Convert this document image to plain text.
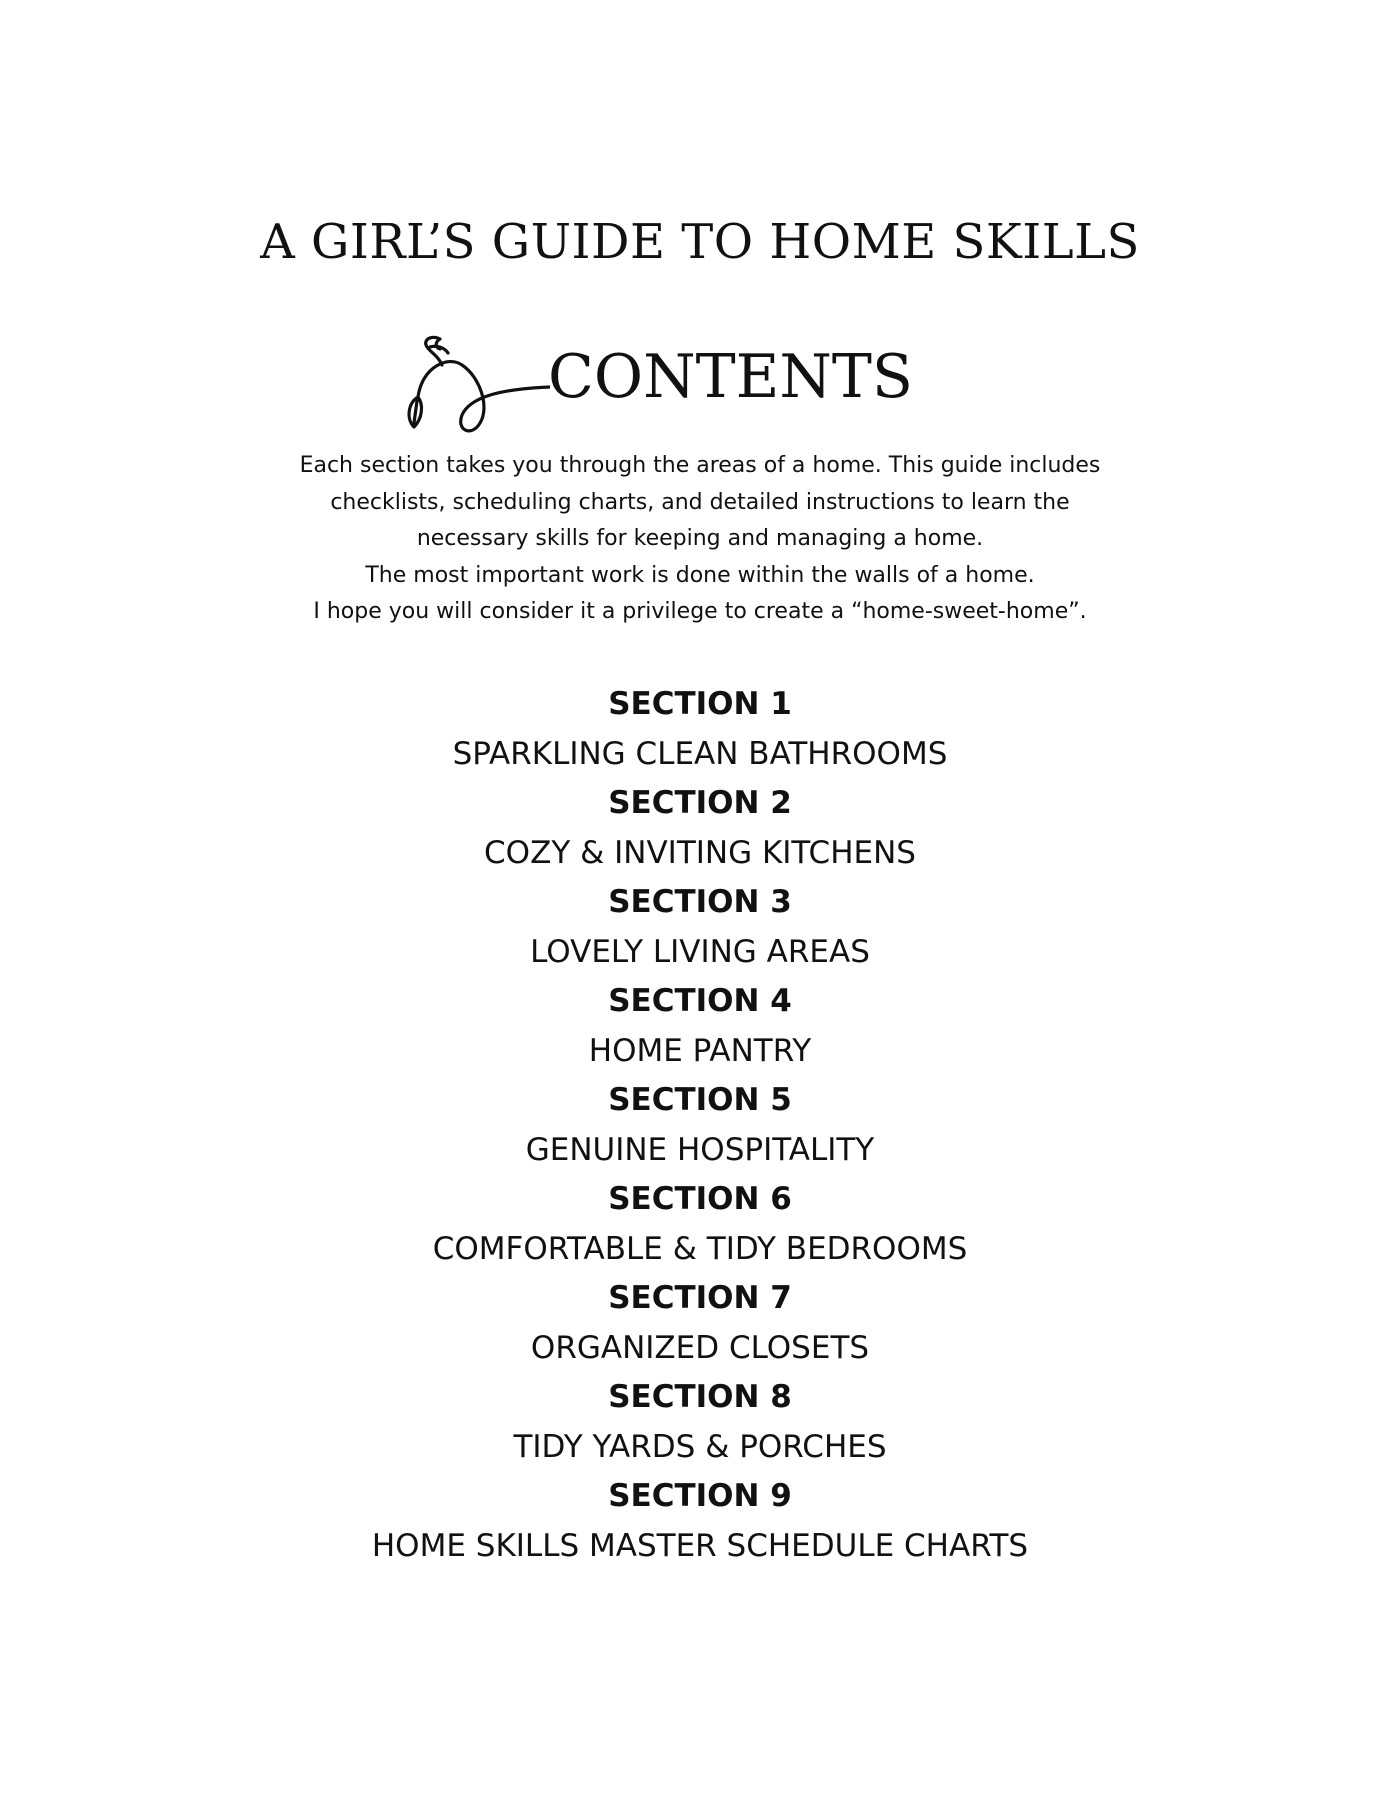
A GIRL’S GUIDE TO HOME SKILLS
CONTENTS
Each section takes you through the areas of a home. This guide includes
checklists, scheduling charts, and detailed instructions to learn the
necessary skills for keeping and managing a home.
The most important work is done within the walls of a home.
I hope you will consider it a privilege to create a “home-sweet-home”.
SECTION 1
SPARKLING CLEAN BATHROOMS
SECTION 2
COZY & INVITING KITCHENS
SECTION 3
LOVELY LIVING AREAS
SECTION 4
HOME PANTRY
SECTION 5
GENUINE HOSPITALITY
SECTION 6
COMFORTABLE & TIDY BEDROOMS
SECTION 7
ORGANIZED CLOSETS
SECTION 8
TIDY YARDS & PORCHES
SECTION 9
HOME SKILLS MASTER SCHEDULE CHARTS
